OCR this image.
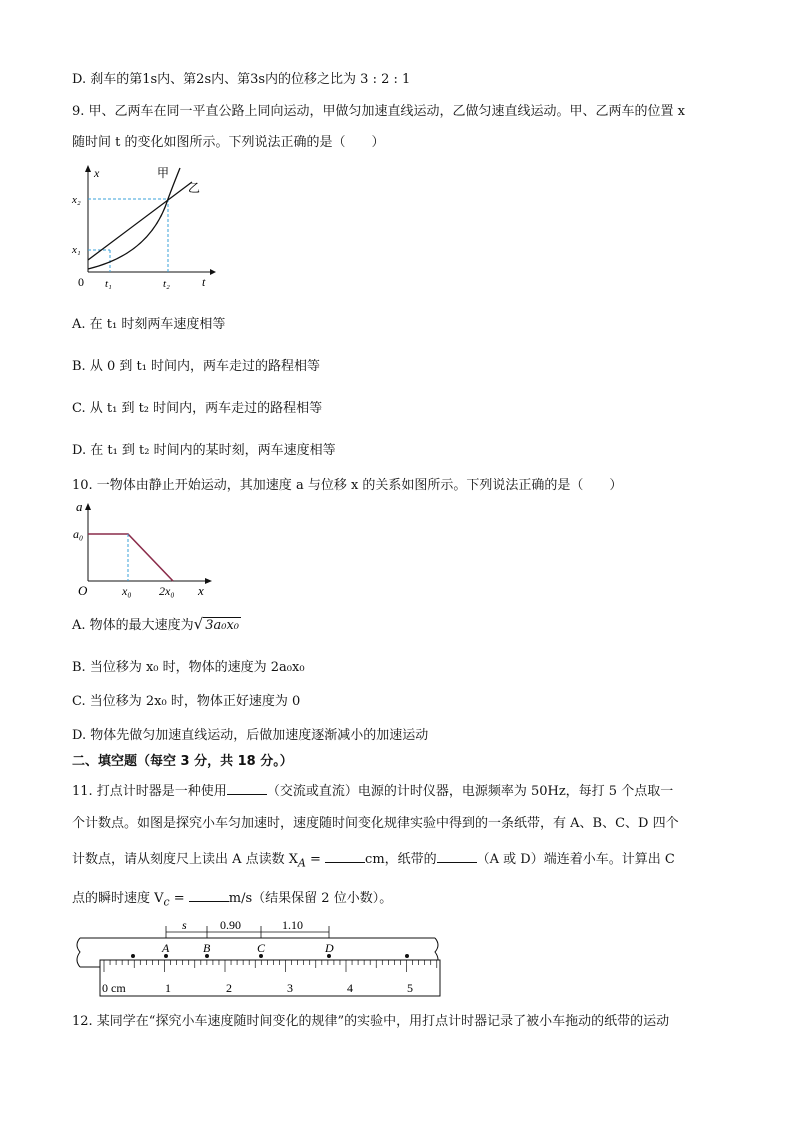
D. 刹车的第1s内、第2s内、第3s内的位移之比为 3 : 2 : 1
9. 甲、乙两车在同一平直公路上同向运动，甲做匀加速直线运动，乙做匀速直线运动。甲、乙两车的位置 x
随时间 t 的变化如图所示。下列说法正确的是（　　）
x
t
0
甲
乙
x₂
x₁
t₁	t₂
A. 在 t₁ 时刻两车速度相等
B. 从 0 到 t₁ 时间内，两车走过的路程相等
C. 从 t₁ 到 t₂ 时间内，两车走过的路程相等
D. 在 t₁ 到 t₂ 时间内的某时刻，两车速度相等
10. 一物体由静止开始运动，其加速度 a 与位移 x 的关系如图所示。下列说法正确的是（　　）
a
a₀
O	x₀ 2x₀ x
A. 物体的最大速度为√ 3a₀x₀
B. 当位移为 x₀ 时，物体的速度为 2a₀x₀
C. 当位移为 2x₀ 时，物体正好速度为 0
D. 物体先做匀加速直线运动，后做加速度逐渐减小的加速运动
二、填空题（每空 3 分，共 18 分。）
11. 打点计时器是一种使用	（交流或直流）电源的计时仪器，电源频率为 50Hz，每打 5 个点取一
个计数点。如图是探究小车匀加速时，速度随时间变化规律实验中得到的一条纸带，有 A、B、C、D 四个
计数点，请从刻度尺上读出 A 点读数 $X_A$ =	cm，纸带的	（A 或 D）端连着小车。计算出 C
点的瞬时速度 $V_c$ =	m/s（结果保留 2 位小数）。
s	0.90	1.10
A	B	C	D
0 cm	1	2	3	4	5
12. 某同学在“探究小车速度随时间变化的规律”的实验中，用打点计时器记录了被小车拖动的纸带的运动
